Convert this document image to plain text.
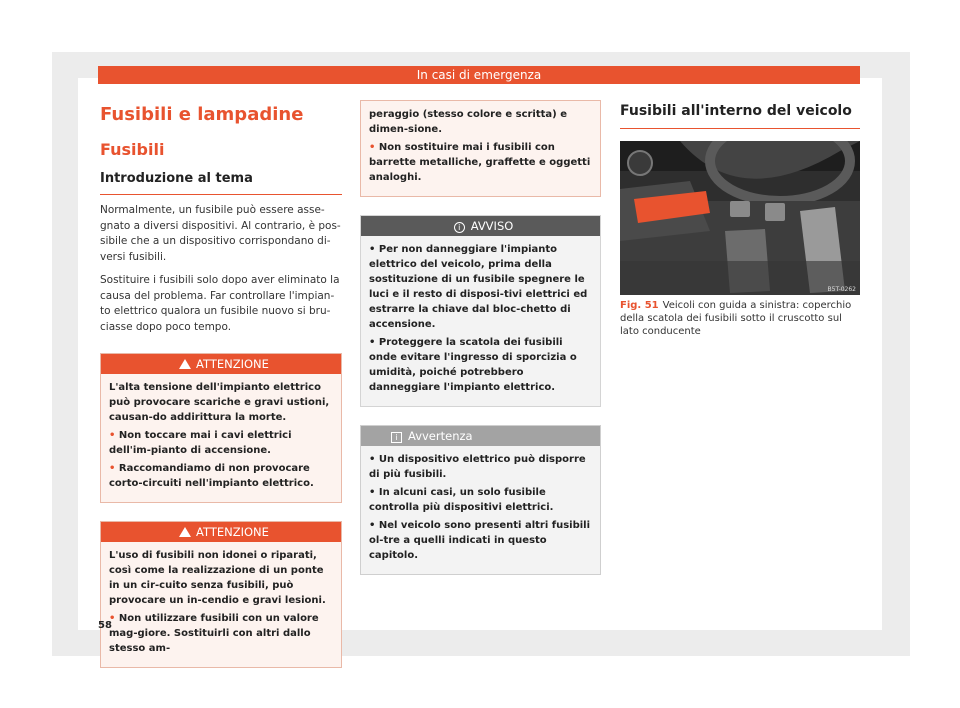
In casi di emergenza
Fusibili e lampadine
Fusibili
Introduzione al tema

Normalmente, un fusibile può essere asse-gnato a diversi dispositivi. Al contrario, è pos-sibile che a un dispositivo corrispondano di-versi fusibili.

Sostituire i fusibili solo dopo aver eliminato la causa del problema. Far controllare l'impian-to elettrico qualora un fusibile nuovo si bru-ciasse dopo poco tempo.

ATTENZIONE

L'alta tensione dell'impianto elettrico può provocare scariche e gravi ustioni, causan-do addirittura la morte.

• Non toccare mai i cavi elettrici dell'im-pianto di accensione.

• Raccomandiamo di non provocare corto-circuiti nell'impianto elettrico.

ATTENZIONE

L'uso di fusibili non idonei o riparati, così come la realizzazione di un ponte in un cir-cuito senza fusibili, può provocare un in-cendio e gravi lesioni.

• Non utilizzare fusibili con un valore mag-giore. Sostituirli con altri dallo stesso am-

peraggio (stesso colore e scritta) e dimen-sione.

• Non sostituire mai i fusibili con barrette metalliche, graffette e oggetti analoghi.

i AVVISO

• Per non danneggiare l'impianto elettrico del veicolo, prima della sostituzione di un fusibile spegnere le luci e il resto di disposi-tivi elettrici ed estrarre la chiave dal bloc-chetto di accensione.

• Proteggere la scatola dei fusibili onde evitare l'ingresso di sporcizia o umidità, poiché potrebbero danneggiare l'impianto elettrico.

i Avvertenza

• Un dispositivo elettrico può disporre di più fusibili.

• In alcuni casi, un solo fusibile controlla più dispositivi elettrici.

• Nel veicolo sono presenti altri fusibili ol-tre a quelli indicati in questo capitolo.

Fusibili all'interno del veicolo
B5T-0262

Fig. 51 Veicoli con guida a sinistra: coperchio della scatola dei fusibili sotto il cruscotto sul lato conducente

58
